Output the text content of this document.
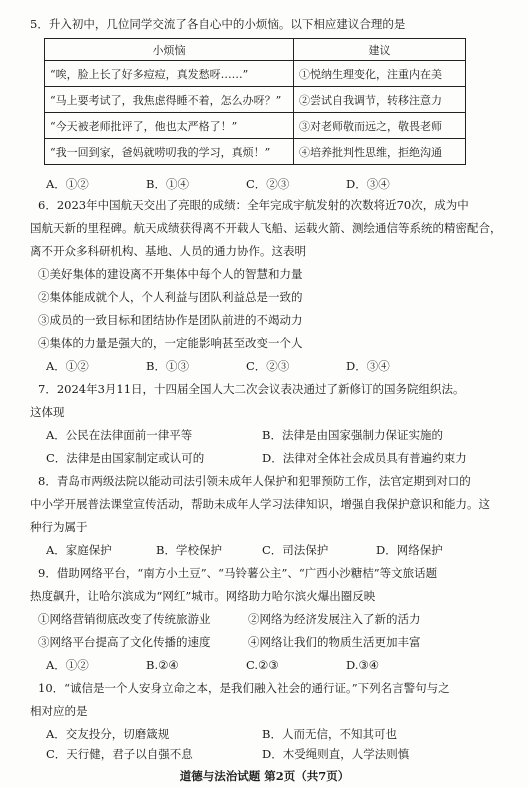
5．升入初中，几位同学交流了各自心中的小烦恼。以下相应建议合理的是
小烦恼	建议
“唉，脸上长了好多痘痘，真发愁呀……”	①悦纳生理变化，注重内在美
“马上要考试了，我焦虑得睡不着，怎么办呀？”	②尝试自我调节，转移注意力
“今天被老师批评了，他也太严格了！”	③对老师敬而远之，敬畏老师
“我一回到家，爸妈就唠叨我的学习，真烦！”	④培养批判性思维，拒绝沟通
A．①②	B．①④	C．②③	D．③④
6．2023年中国航天交出了亮眼的成绩：全年完成宇航发射的次数将近70次，成为中
国航天新的里程碑。航天成绩获得离不开载人飞船、运载火箭、测绘通信等系统的精密配合，
离不开众多科研机构、基地、人员的通力协作。这表明
①美好集体的建设离不开集体中每个人的智慧和力量
②集体能成就个人，个人利益与团队利益总是一致的
③成员的一致目标和团结协作是团队前进的不竭动力
④集体的力量是强大的，一定能影响甚至改变一个人
A．①②	B．①③	C．②③	D．③④
7．2024年3月11日，十四届全国人大二次会议表决通过了新修订的国务院组织法。
这体现
A．公民在法律面前一律平等	B．法律是由国家强制力保证实施的
C．法律是由国家制定或认可的	D．法律对全体社会成员具有普遍约束力
8．青岛市两级法院以能动司法引领未成年人保护和犯罪预防工作，法官定期到对口的
中小学开展普法课堂宣传活动，帮助未成年人学习法律知识，增强自我保护意识和能力。这
种行为属于
A．家庭保护	B．学校保护	C．司法保护	D．网络保护
9．借助网络平台，“南方小土豆”、“马铃薯公主”、“广西小沙糖桔”等文旅话题
热度飙升，让哈尔滨成为“网红”城市。网络助力哈尔滨火爆出圈反映
①网络营销彻底改变了传统旅游业	②网络为经济发展注入了新的活力
③网络平台提高了文化传播的速度	④网络让我们的物质生活更加丰富
A．①②	B.②④	C.②③	D.③④
10．“诚信是一个人安身立命之本，是我们融入社会的通行证。”下列名言警句与之
相对应的是
A．交友投分，切磨箴规	B．人而无信，不知其可也
C．天行健，君子以自强不息	D．木受绳则直，人学法则慎
道德与法治试题 第2页（共7页）
